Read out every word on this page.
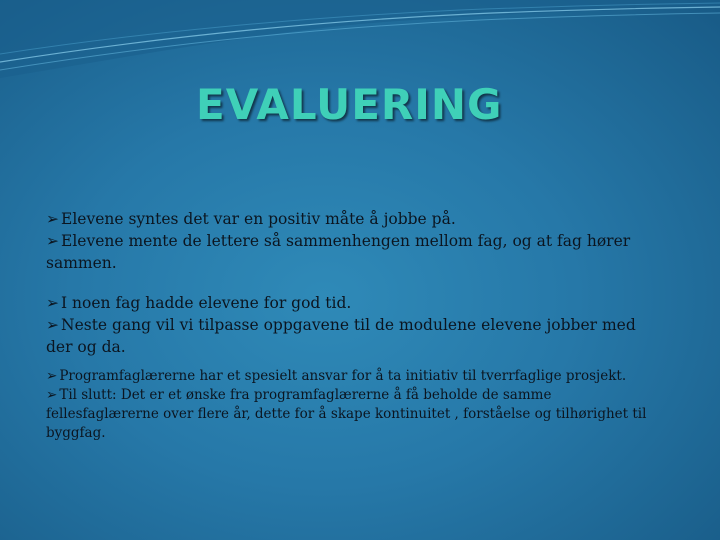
EVALUERING

➢ Elevene syntes det var en positiv måte å jobbe på.

➢ Elevene mente de lettere så sammenhengen mellom fag, og at fag hører sammen.

➢ I noen fag hadde elevene for god tid.

➢ Neste gang vil vi tilpasse oppgavene til de modulene elevene jobber med der og da.

➢ Programfaglærerne har et spesielt ansvar for å ta initiativ til tverrfaglige prosjekt.

➢ Til slutt: Det er et ønske fra programfaglærerne å få beholde de samme fellesfaglærerne over flere år, dette for å skape kontinuitet , forståelse og tilhørighet til byggfag.
